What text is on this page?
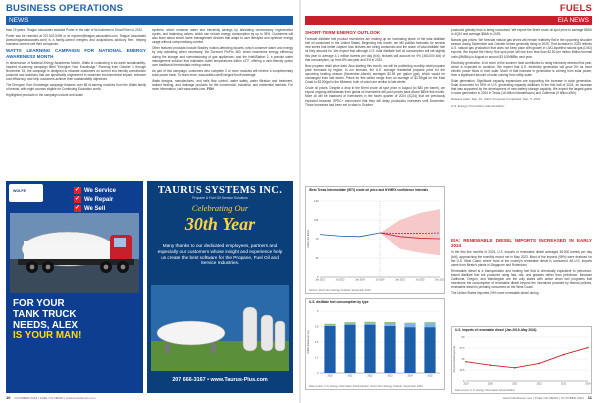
BUSINESS OPERATIONS
NEWS

than 15 years. Teague Associates assisted Porter in the sale of its business to Dead River in 2022.

Porter can be reached at 207.522.5499 or at mporter@teague-associates.com. Teague Associates (www.teagueassociates.com) is a family-owned mergers and acquisitions advisory firm, helping business owners sell their companies.

WATTS LEARNING CAMPAIGN FOR NATIONAL ENERGY AWARENESS MONTH

In observance of National Energy Awareness Month, Watts is conducting a six-week sustainability-inspired eLearning campaign titled "Energize Your Knowledge." Running from October 1 through November 15, the campaign is designed to educate customers on current eco-friendly construction products and solutions that are specifically engineered to maximize environmental impact, enhance cost efficiency, and help customers achieve their sustainability objectives.

The Energize Your Knowledge campaign features over 88 eLearning modules from the Watts family of brands, with eight courses eligible for Continuing Education credit.

Highlighted products in the campaign include anti-scale

systems, which enhance water and electricity savings by alleviating unnecessary regeneration cycles, and balancing valves, which can reduce energy consumption by up to 35%. Customers will also learn about smart home management devices that adapt to user lifestyles and optimize energy usage without compromising comfort.

Other featured products include Bradley motion-detecting faucets, which conserve water and energy by only activating when necessary; the Dormont PinPro 360, which maximizes energy efficiency during the storage and commissioning of gas appliances; and the IntelliStation 2, a precise water management solution that maintains outlet temperatures within ±2°F, offering a user-friendly option over traditional thermostatic mixing valves.

As part of this campaign, customers who complete 3 or more modules will receive a complimentary solar power bank. To learn more, www.watts.com/EnergizeYourKnowledge.

Watts designs, manufactures, and sells flow control, water safety, water filtration and treatment, radiant heating, and drainage products for the commercial, industrial, and residential markets. For more information, visit www.watts.com. FON

WOLFE	✓ We Service
✓ We Repair
✓ We Sell
FOR YOUR
TANK TRUCK
NEEDS, ALEX
IS YOUR MAN!
TAURUS SYSTEMS INC.
Propane & Fuel Oil Service Solutions
Celebrating Our
30th Year
Many thanks to our dedicated employees, partners and especially our customers whose insight and experience help us create the best software for the Propane, Fuel Oil and Service Industries.
207 666-3167 • www.Taurus-Plus.com
10 OCTOBER 2024 | FUEL OIL NEWS | www.fueloilnews.com
FUELS
EIA NEWS
SHORT-TERM ENERGY OUTLOOK

Forecast distillate fuel product inventories are making up an increasing share of the total distillate fuel oil consumed in the United States. Beginning this month, we will publish forecasts for several new series that better capture how biofuels are being consumed and the share of total distillate fuel oil they account for. We expect that although U.S. total distillate fuel oil consumption will fall slightly this year to average 4.1 million barrels per day (b/d), biofuels will account for 9% (360,000 b/d) of that consumption, up from 8% last year and 3% in 2022.

New propane retail price data. Also starting this month, we will be publishing monthly retail propane price forecasts by region. In our forecast, the U.S. average residential propane price for the upcoming heating season (November–March) averages $2.59 per gallon (gal), which would be unchanged from last winter. Prices for this winter range from an average of $2.35/gal on the East Coast to $3.00/gal in the Midwest, both of which are similar to last winter.

Crude oil prices. Despite a drop in the Brent crude oil spot price in August (to $80 per barrel), we expect ongoing withdrawals from global oil inventories will push prices back above $85/b this month. More oil will be balanced of inventories in the fourth quarter of 2024 (4Q24) that we previously expected because OPEC+ announced that they will delay production increases until December. Those increases had been set to start in October.

produced globally than is being consumed. We expect the Brent crude oil spot price to average $82/b in 4Q24 and average $84/b in 2025.

Natural gas prices. We forecast natural gas prices will remain relatively flat in the upcoming shoulder season during September and October before generally rising in 2025. That increase in 2025 reflects U.S. natural gas production that does not keep pace with growth in LNG-liquefied natural gas (LNG) exports. We expect the Henry Hub spot price will rise from less than $2.50 per million British thermal units (MMBtu) in August to around $3.10/MMBtu next year.

Electricity generation. A lot more of the summer heat contributed to rising electricity demand this year, which is expected to continue. We expect that U.S. electricity generation will grow 3% as more electric power flows in from solar. Much of that increase in generation is coming from solar power, from a significant amount of solar coming from utility-scale.

Solar generation. Significant capacity expansions are supporting the increase in solar generation. Solar accounted for 59% of U.S. generating capacity additions in the first half of 2024, an increase that was supported by the development of new battery storage capacity. We expect the largest gains in solar generation in 2024 in Texas (16 billion kilowatthours) and California (9 billion kWh).

Release Date: Sep. 10, 2024 | Forecast Completed: Sep. 5, 2024

U.S. Energy Information Administration

EIA: RENEWABLE DIESEL IMPORTS INCREASED IN EARLY 2024

In the first five months of 2024, U.S. imports of renewable diesel averaged 38,000 barrels per day (b/d), approaching the monthly record set in May 2023. Most of the imports (98%) were destined for the U.S. West Coast, where most of the country's renewable diesel is consumed. All U.S. imports came from Neste's plants in Singapore and Rotterdam.

Renewable diesel is a transportation and heating fuel that is chemically equivalent to petroleum-based distillate fuel but produced using fats, oils, and greases rather than petroleum. Because California, Oregon, and Washington are the only states with active clean fuel programs that incentivize the consumption of renewable diesel beyond the incentives provided by federal policies, renewable diesel is primarily consumed on the West Coast.

The United States imported 29% more renewable diesel during

0
35
70
105
140
dollars per barrel
Jan 2023	Jul 2023	Jan 2024	Jul 2024	Jan 2025	Jul 2025	Dec 2025
West Texas Intermediate (WTI) crude oil price and NYMEX confidence intervals
Source: Short-Term Energy Outlook, September 2024
0
1.3
2.5
3.8
5
million barrels per day
2020	2021	2022	2023	2024	2025
U.S. distillate fuel consumption by type
Data source: U.S. Energy Information Administration, Short-Term Energy Outlook, September 2024
0
12.5
25
37.5
50
thousand barrels per day
2019	2020	2021	2022	2023	2024
U.S. imports of renewable diesel (Jan 2019–May 2024)
Data source: U.S. Energy Information Administration
www.fueloilnews.com | FUEL OIL NEWS | OCTOBER 2024 11
